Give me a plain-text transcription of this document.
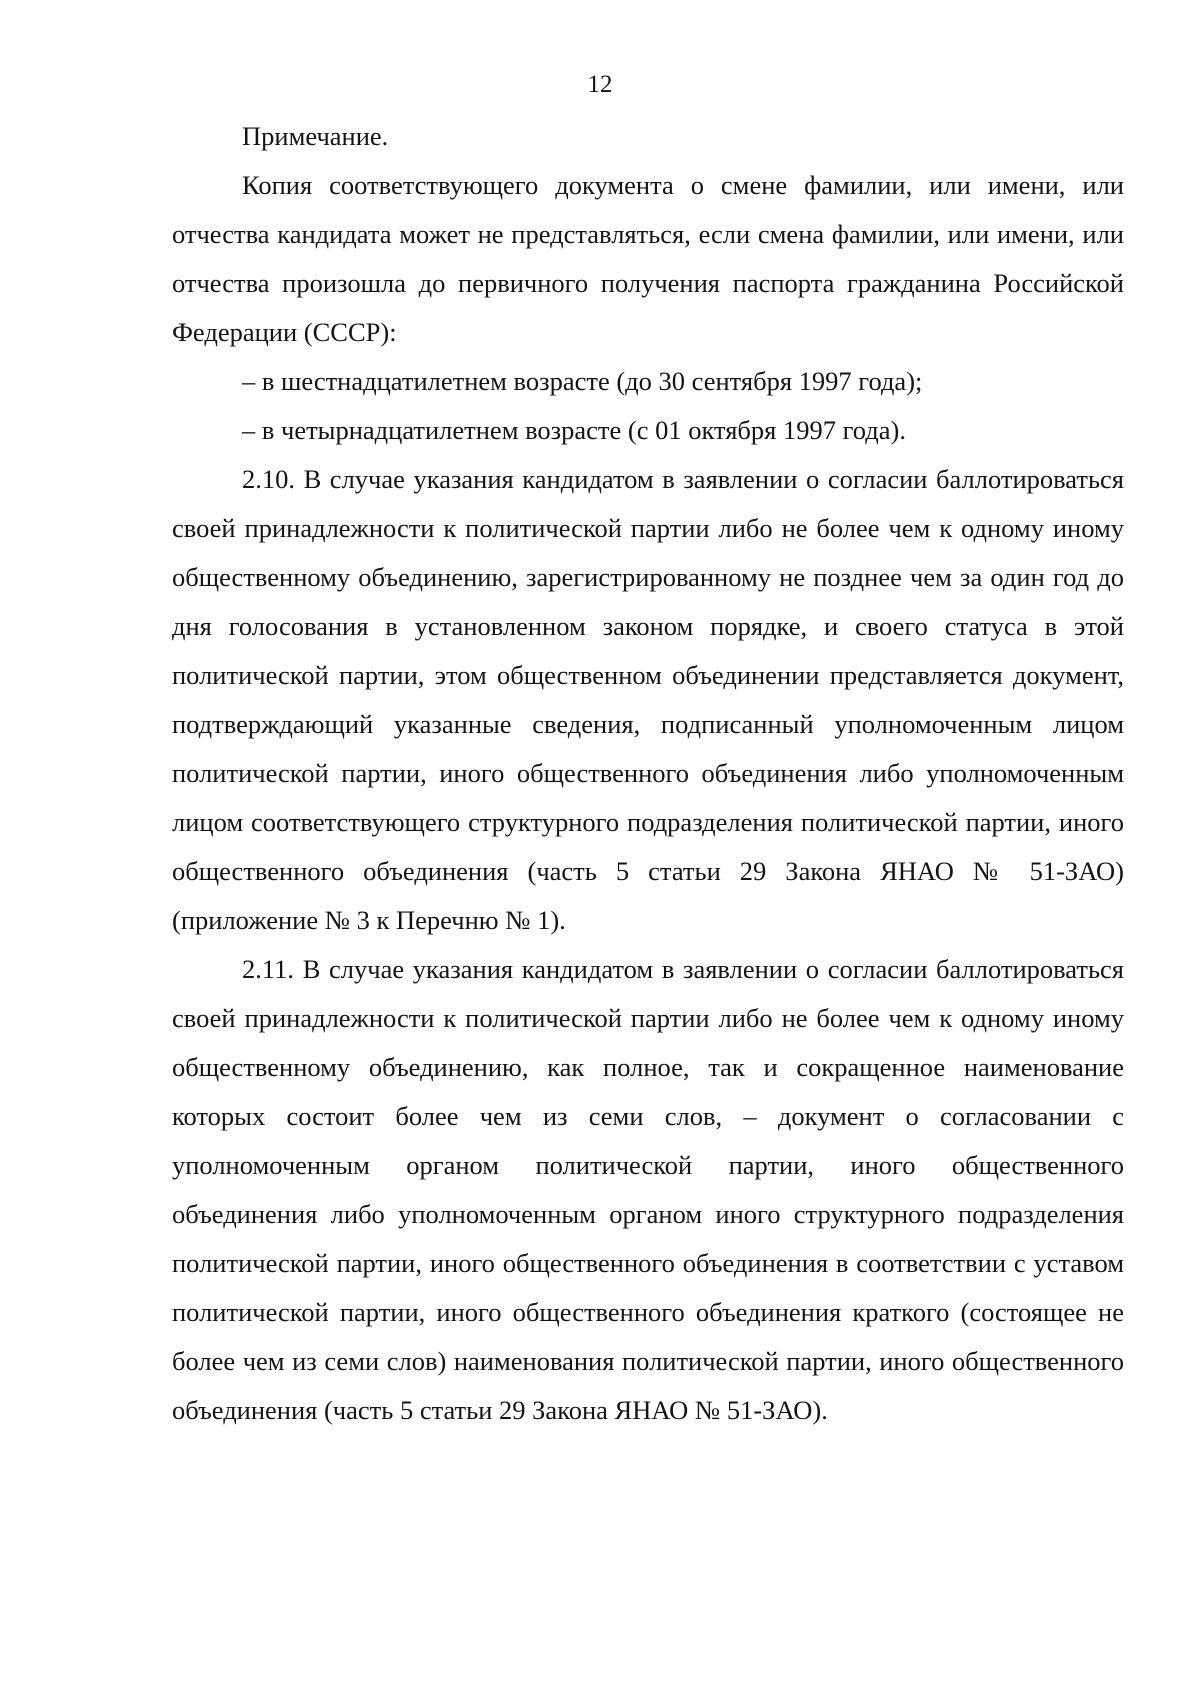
12

Примечание.

Копия соответствующего документа о смене фамилии, или имени, или отчества кандидата может не представляться, если смена фамилии, или имени, или отчества произошла до первичного получения паспорта гражданина Российской Федерации (СССР):

– в шестнадцатилетнем возрасте (до 30 сентября 1997 года);

– в четырнадцатилетнем возрасте (с 01 октября 1997 года).

2.10. В случае указания кандидатом в заявлении о согласии баллотироваться своей принадлежности к политической партии либо не более чем к одному иному общественному объединению, зарегистрированному не позднее чем за один год до дня голосования в установленном законом порядке, и своего статуса в этой политической партии, этом общественном объединении представляется документ, подтверждающий указанные сведения, подписанный уполномоченным лицом политической партии, иного общественного объединения либо уполномоченным лицом соответствующего структурного подразделения политической партии, иного общественного объединения (часть 5 статьи 29 Закона ЯНАО № 51-ЗАО) (приложение № 3 к Перечню № 1).

2.11. В случае указания кандидатом в заявлении о согласии баллотироваться своей принадлежности к политической партии либо не более чем к одному иному общественному объединению, как полное, так и сокращенное наименование которых состоит более чем из семи слов, – документ о согласовании с уполномоченным органом политической партии, иного общественного объединения либо уполномоченным органом иного структурного подразделения политической партии, иного общественного объединения в соответствии с уставом политической партии, иного общественного объединения краткого (состоящее не более чем из семи слов) наименования политической партии, иного общественного объединения (часть 5 статьи 29 Закона ЯНАО № 51-ЗАО).
